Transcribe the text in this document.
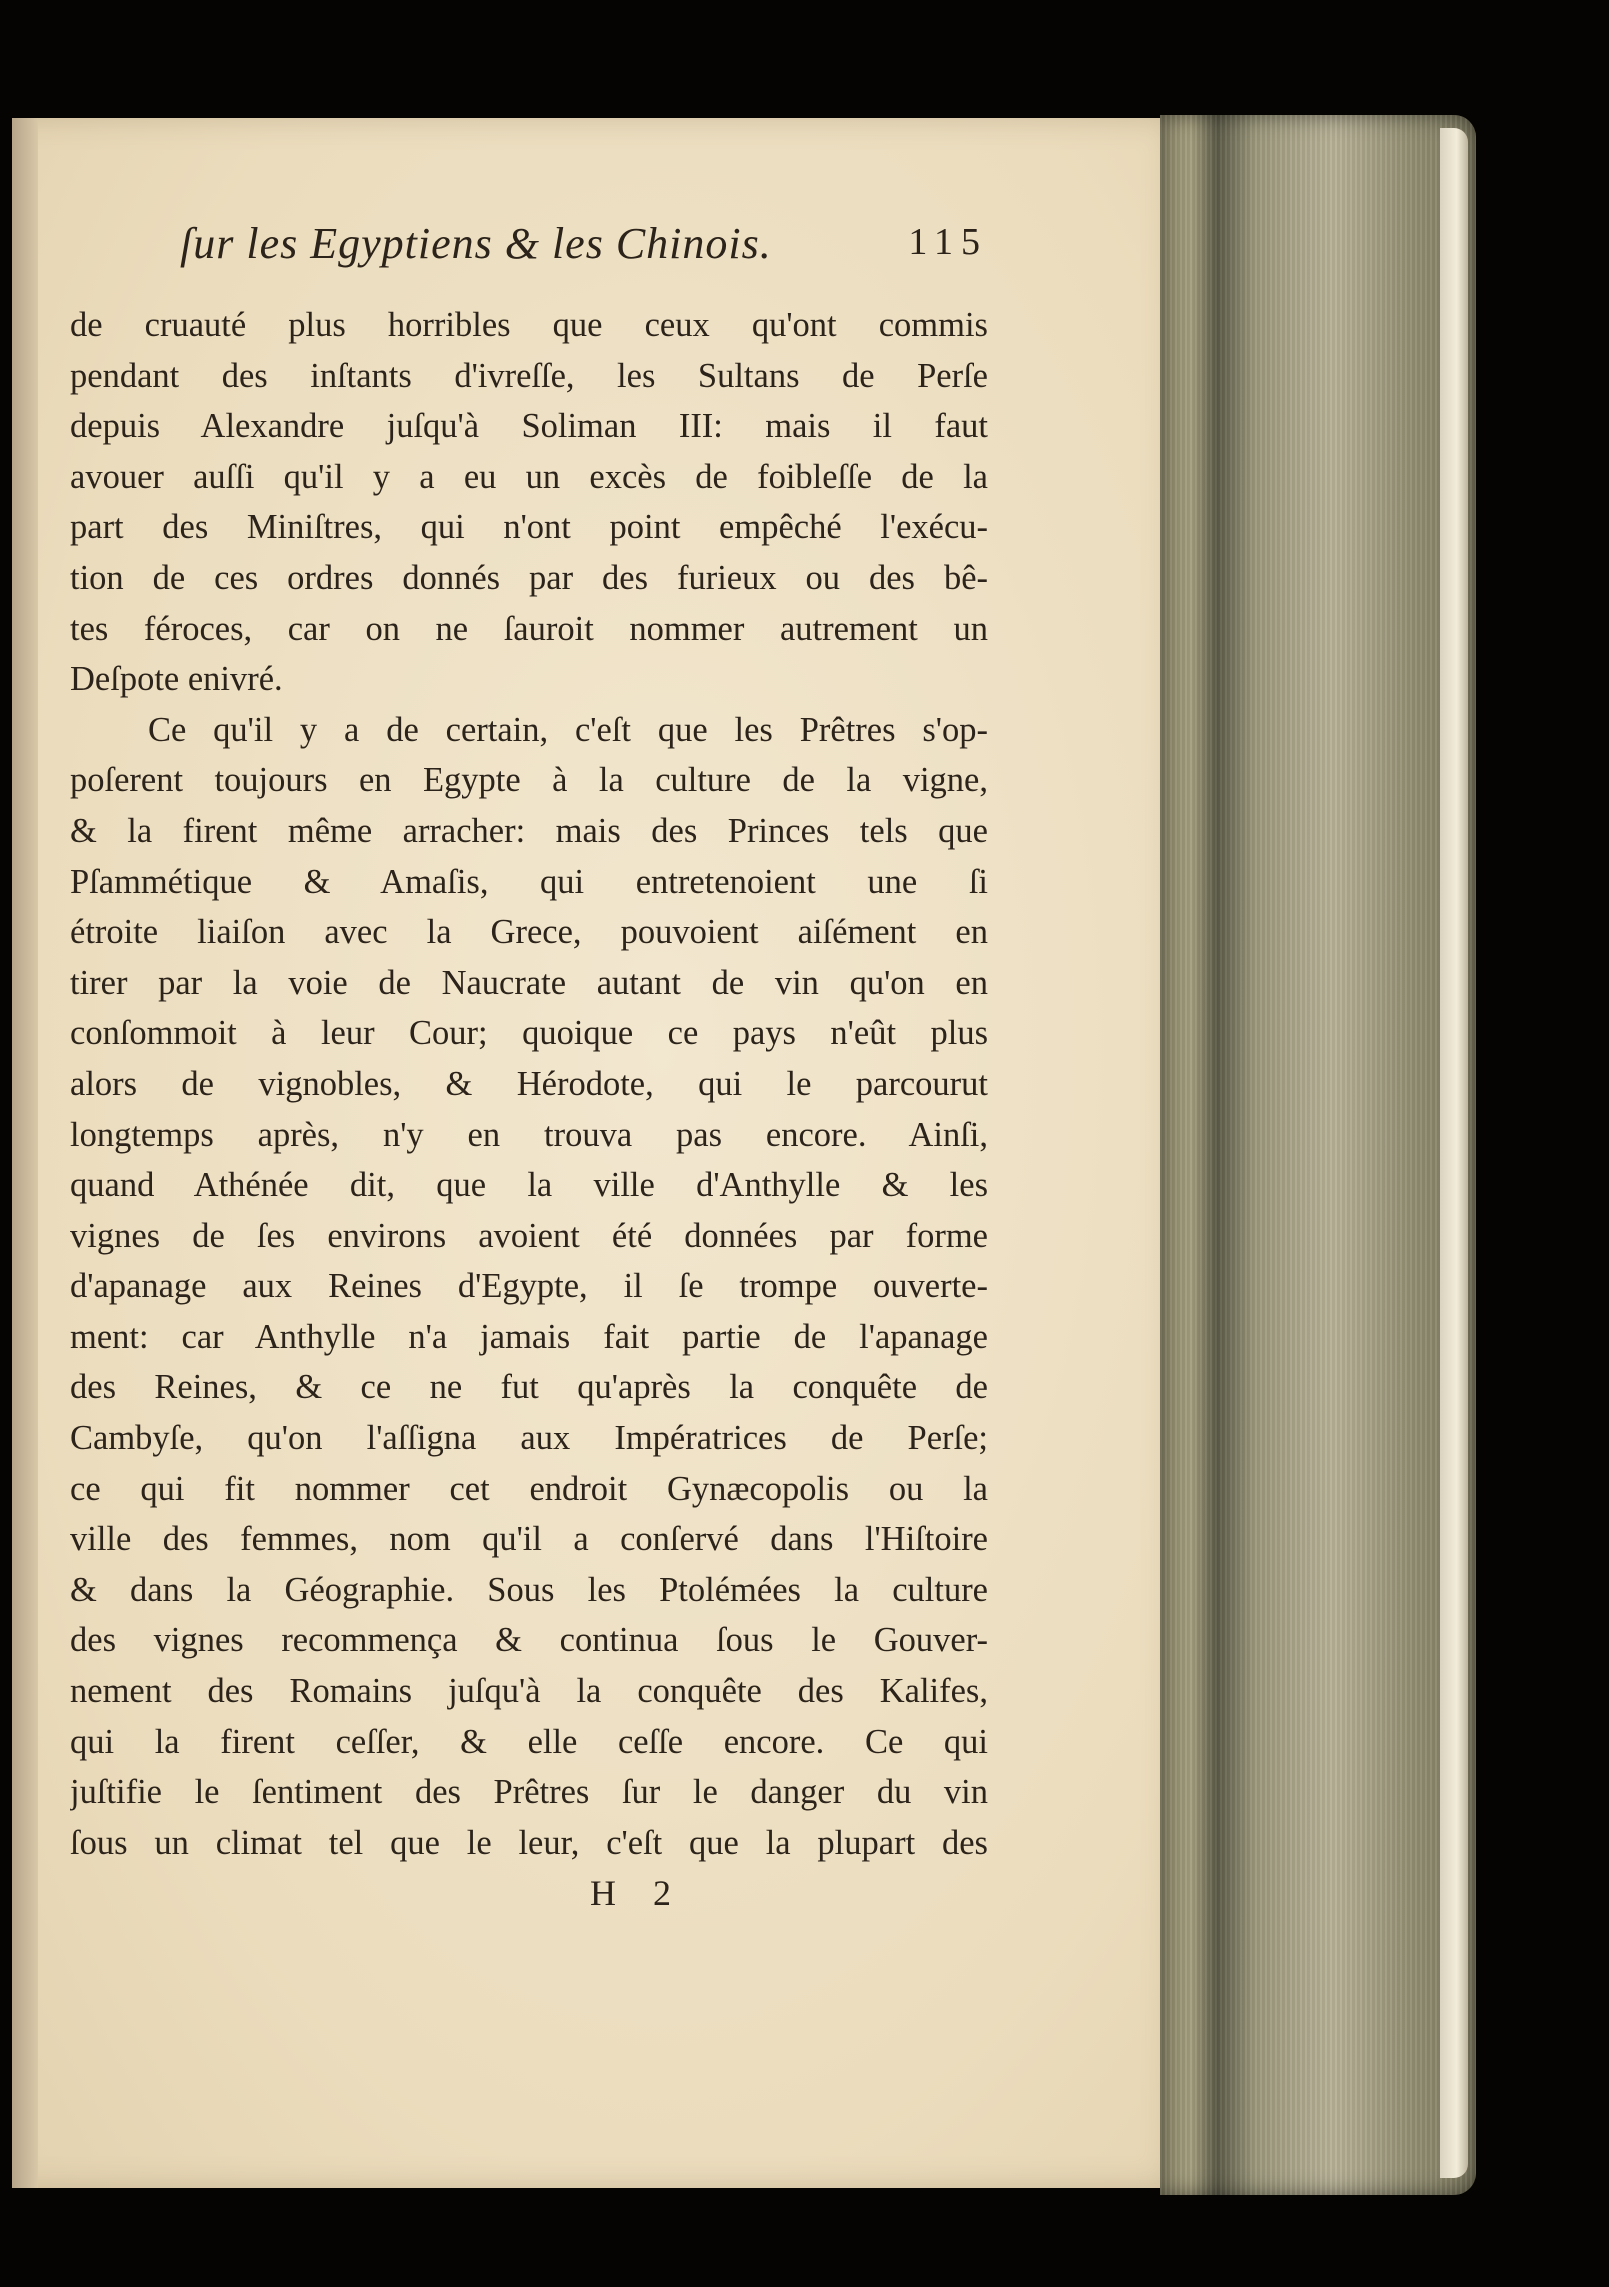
ſur les Egyptiens & les Chinois.	115
de cruauté plus horribles que ceux qu'ont commis
pendant des inſtants d'ivreſſe, les Sultans de Perſe
depuis Alexandre juſqu'à Soliman III: mais il faut
avouer auſſi qu'il y a eu un excès de foibleſſe de la
part des Miniſtres, qui n'ont point empêché l'exécu-
tion de ces ordres donnés par des furieux ou des bê-
tes féroces, car on ne ſauroit nommer autrement un
Deſpote enivré.
Ce qu'il y a de certain, c'eſt que les Prêtres s'op-
poſerent toujours en Egypte à la culture de la vigne,
& la firent même arracher: mais des Princes tels que
Pſammétique & Amaſis, qui entretenoient une ſi
étroite liaiſon avec la Grece, pouvoient aiſément en
tirer par la voie de Naucrate autant de vin qu'on en
conſommoit à leur Cour; quoique ce pays n'eût plus
alors de vignobles, & Hérodote, qui le parcourut
longtemps après, n'y en trouva pas encore. Ainſi,
quand Athénée dit, que la ville d'Anthylle & les
vignes de ſes environs avoient été données par forme
d'apanage aux Reines d'Egypte, il ſe trompe ouverte-
ment: car Anthylle n'a jamais fait partie de l'apanage
des Reines, & ce ne fut qu'après la conquête de
Cambyſe, qu'on l'aſſigna aux Impératrices de Perſe;
ce qui fit nommer cet endroit Gynæcopolis ou la
ville des femmes, nom qu'il a conſervé dans l'Hiſtoire
& dans la Géographie. Sous les Ptolémées la culture
des vignes recommença & continua ſous le Gouver-
nement des Romains juſqu'à la conquête des Kalifes,
qui la firent ceſſer, & elle ceſſe encore. Ce qui
juſtifie le ſentiment des Prêtres ſur le danger du vin
ſous un climat tel que le leur, c'eſt que la plupart des
H 2
